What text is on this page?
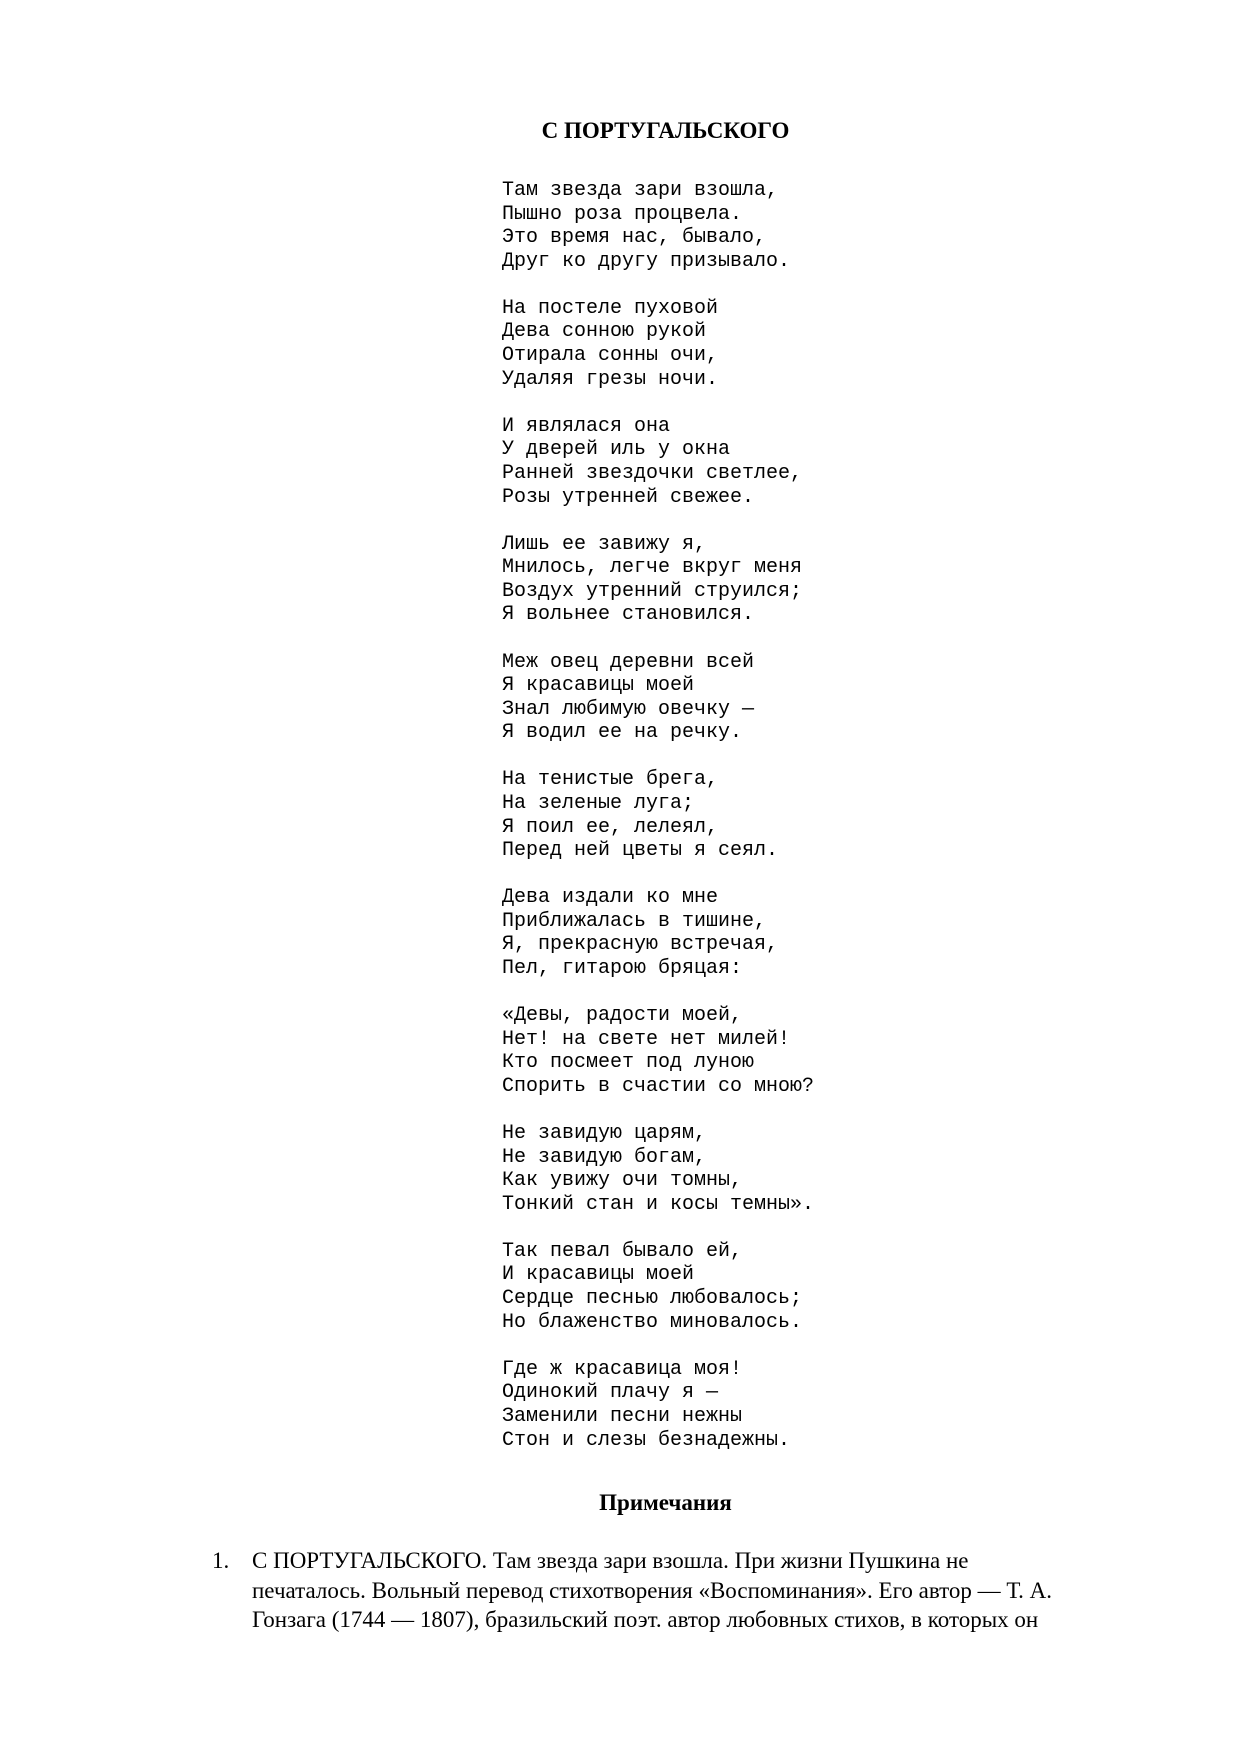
С ПОРТУГАЛЬСКОГО
Там звезда зари взошла,
Пышно роза процвела.
Это время нас, бывало,
Друг ко другу призывало.
На постеле пуховой
Дева сонною рукой
Отирала сонны очи,
Удаляя грезы ночи.
И являлася она
У дверей иль у окна
Ранней звездочки светлее,
Розы утренней свежее.
Лишь ее завижу я,
Мнилось, легче вкруг меня
Воздух утренний струился;
Я вольнее становился.
Меж овец деревни всей
Я красавицы моей
Знал любимую овечку —
Я водил ее на речку.
На тенистые брега,
На зеленые луга;
Я поил ее, лелеял,
Перед ней цветы я сеял.
Дева издали ко мне
Приближалась в тишине,
Я, прекрасную встречая,
Пел, гитарою бряцая:
«Девы, радости моей,
Нет! на свете нет милей!
Кто посмеет под луною
Спорить в счастии со мною?
Не завидую царям,
Не завидую богам,
Как увижу очи томны,
Тонкий стан и косы темны».
Так певал бывало ей,
И красавицы моей
Сердце песнью любовалось;
Но блаженство миновалось.
Где ж красавица моя!
Одинокий плачу я —
Заменили песни нежны
Стон и слезы безнадежны.
Примечания
1. С ПОРТУГАЛЬСКОГО. Там звезда зари взошла. При жизни Пушкина не
печаталось. Вольный перевод стихотворения «Воспоминания». Его автор — Т. А.
Гонзага (1744 — 1807), бразильский поэт. автор любовных стихов, в которых он
